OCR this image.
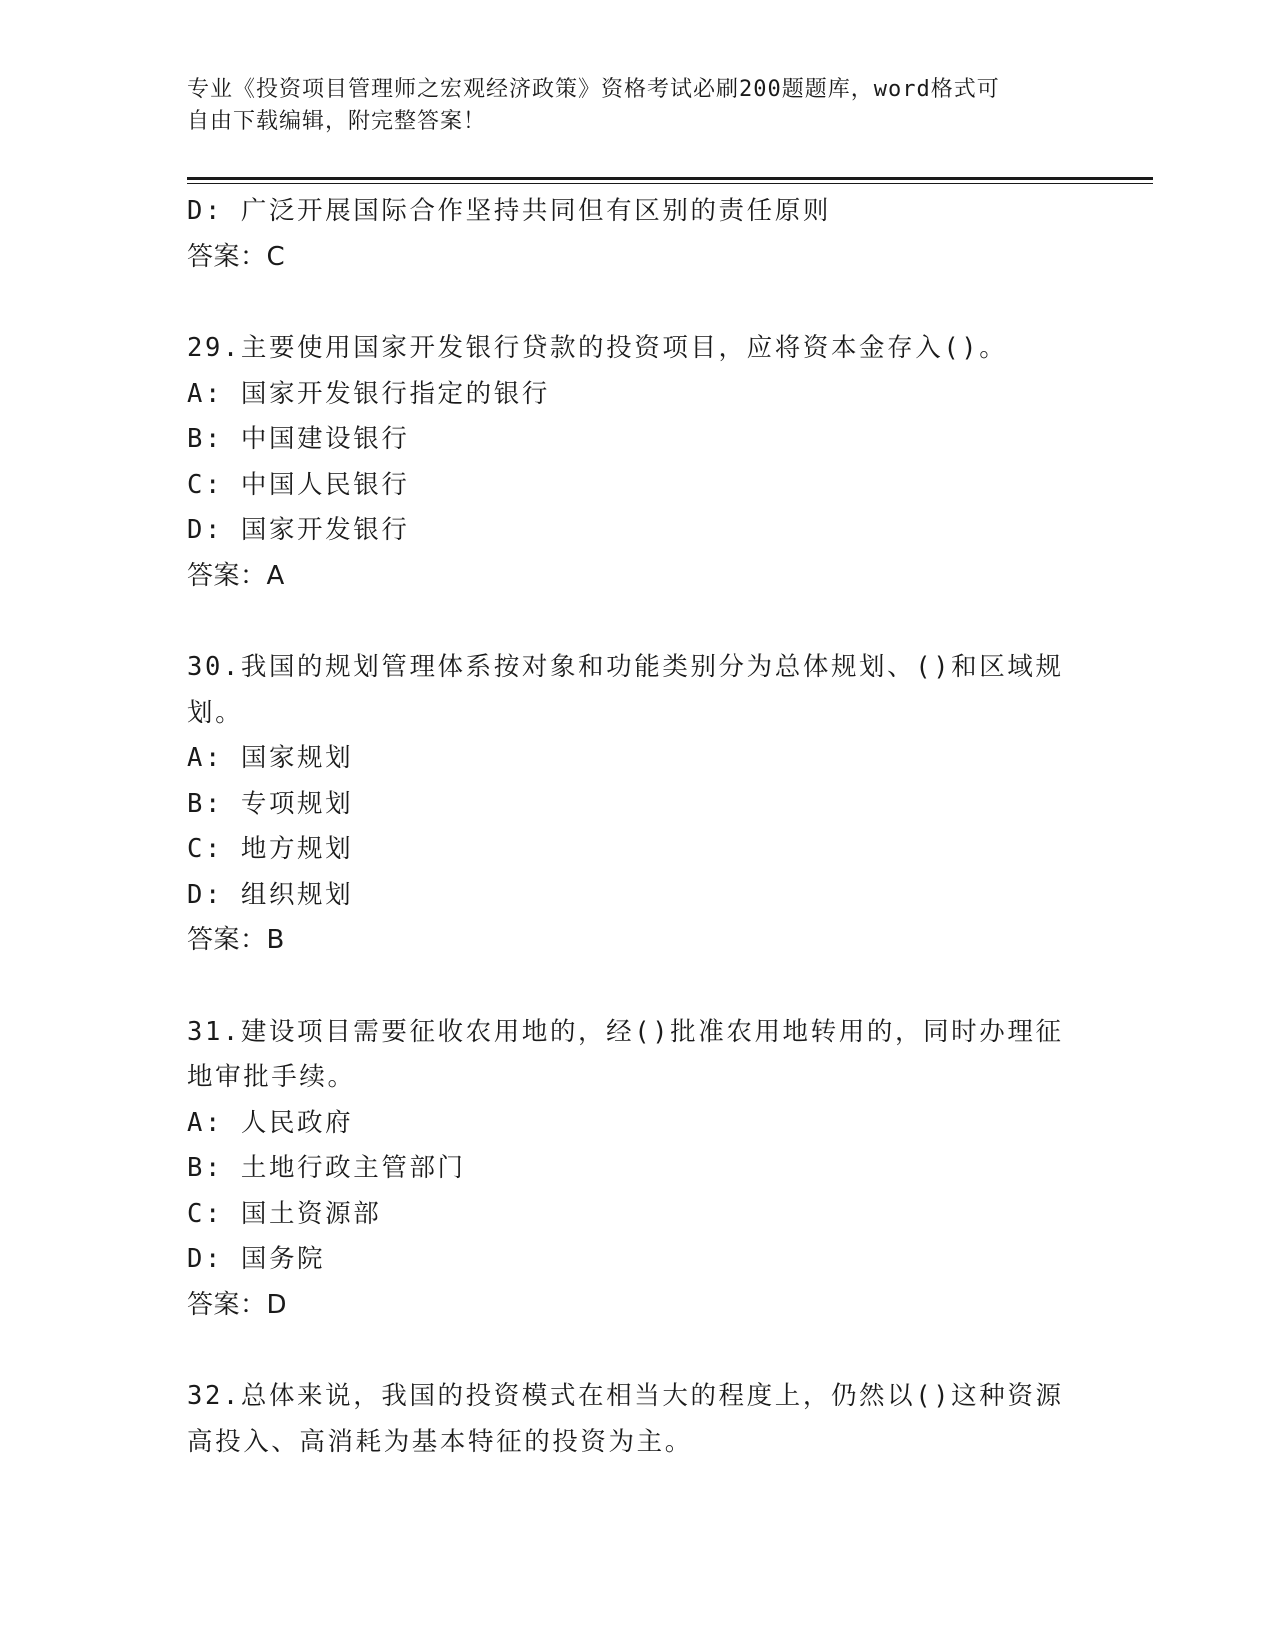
专业《投资项目管理师之宏观经济政策》资格考试必刷200题题库，word格式可
自由下载编辑，附完整答案！
D: 广泛开展国际合作坚持共同但有区别的责任原则
答案：C
29.主要使用国家开发银行贷款的投资项目，应将资本金存入()。
A: 国家开发银行指定的银行
B: 中国建设银行
C: 中国人民银行
D: 国家开发银行
答案：A
30.我国的规划管理体系按对象和功能类别分为总体规划、()和区域规划。
A: 国家规划
B: 专项规划
C: 地方规划
D: 组织规划
答案：B
31.建设项目需要征收农用地的，经()批准农用地转用的，同时办理征地审批手续。
A: 人民政府
B: 土地行政主管部门
C: 国土资源部
D: 国务院
答案：D
32.总体来说，我国的投资模式在相当大的程度上，仍然以()这种资源高投入、高消耗为基本特征的投资为主。
